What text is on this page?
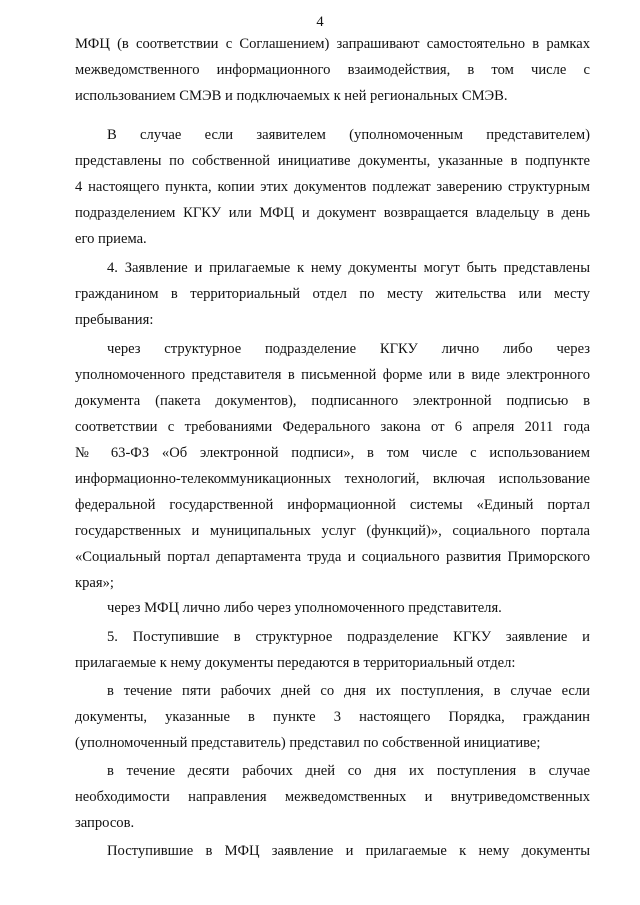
4
МФЦ (в соответствии с Соглашением) запрашивают самостоятельно в рамках
межведомственного информационного взаимодействия, в том числе с
использованием СМЭВ и подключаемых к ней региональных СМЭВ.
В случае если заявителем (уполномоченным представителем)
представлены по собственной инициативе документы, указанные в подпункте
4 настоящего пункта, копии этих документов подлежат заверению структурным
подразделением КГКУ или МФЦ и документ возвращается владельцу в день
его приема.
4. Заявление и прилагаемые к нему документы могут быть представлены
гражданином в территориальный отдел по месту жительства или месту
пребывания:
через структурное подразделение КГКУ лично либо через
уполномоченного представителя в письменной форме или в виде электронного
документа (пакета документов), подписанного электронной подписью в
соответствии с требованиями Федерального закона от 6 апреля 2011 года
№ 63-ФЗ «Об электронной подписи», в том числе с использованием
информационно-телекоммуникационных технологий, включая использование
федеральной государственной информационной системы «Единый портал
государственных и муниципальных услуг (функций)», социального портала
«Социальный портал департамента труда и социального развития Приморского
края»;
через МФЦ лично либо через уполномоченного представителя.
5. Поступившие в структурное подразделение КГКУ заявление и
прилагаемые к нему документы передаются в территориальный отдел:
в течение пяти рабочих дней со дня их поступления, в случае если
документы, указанные в пункте 3 настоящего Порядка, гражданин
(уполномоченный представитель) представил по собственной инициативе;
в течение десяти рабочих дней со дня их поступления в случае
необходимости направления межведомственных и внутриведомственных
запросов.
Поступившие в МФЦ заявление и прилагаемые к нему документы
